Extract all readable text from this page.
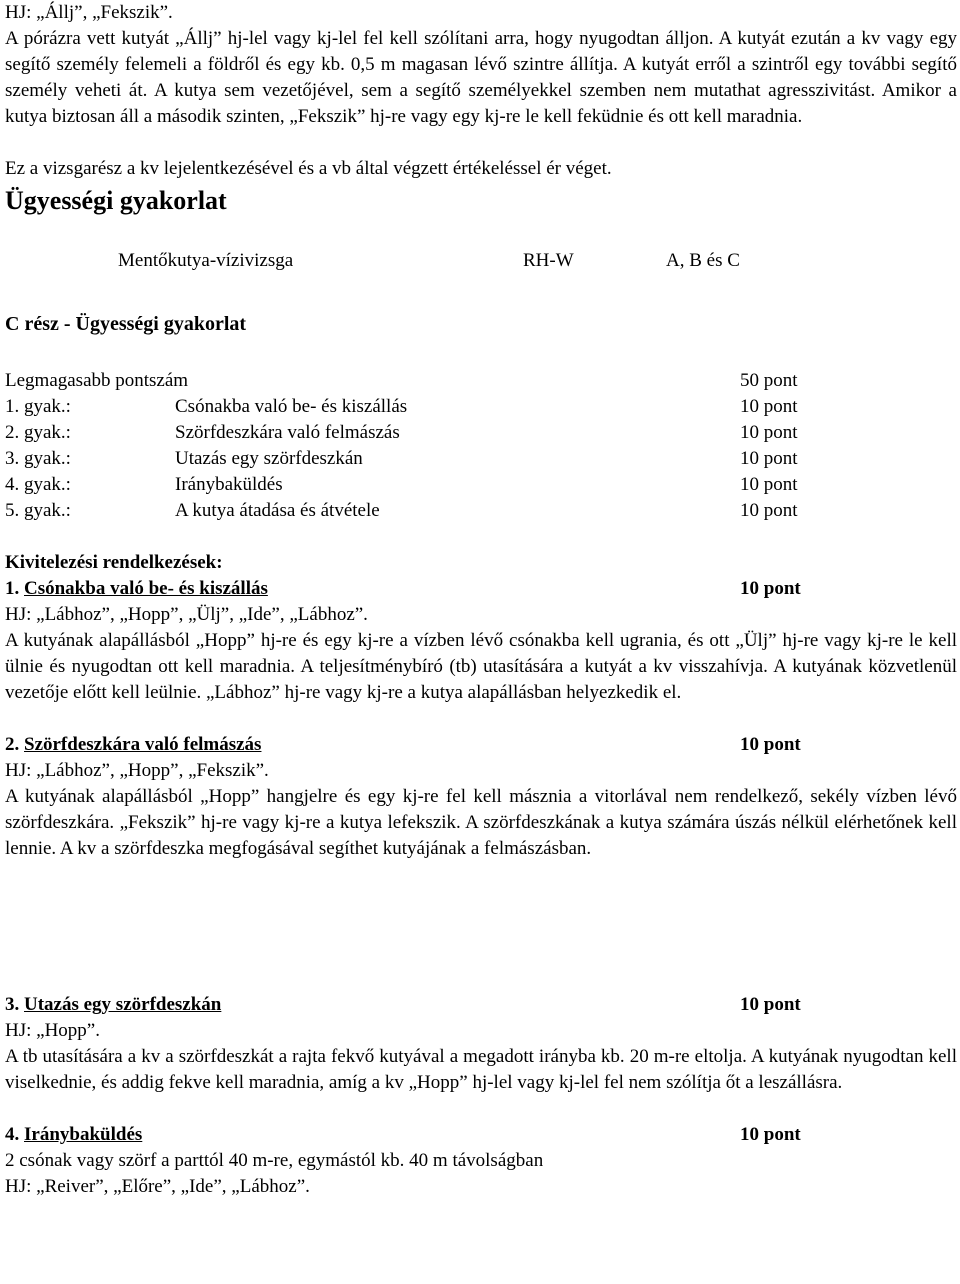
HJ: „Állj”, „Fekszik”.

A pórázra vett kutyát „Állj” hj-lel vagy kj-lel fel kell szólítani arra, hogy nyugodtan álljon. A kutyát ezután a kv vagy egy segítő személy felemeli a földről és egy kb. 0,5 m magasan lévő szintre állítja. A kutyát erről a szintről egy további segítő személy veheti át. A kutya sem vezetőjével, sem a segítő személyekkel szemben nem mutathat agresszivitást. Amikor a kutya biztosan áll a második szinten, „Fekszik” hj-re vagy egy kj-re le kell feküdnie és ott kell maradnia.

Ez a vizsgarész a kv lejelentkezésével és a vb által végzett értékeléssel ér véget.

Ügyességi gyakorlat

Mentőkutya-vízivizsga	RH-W	A, B és C

C rész - Ügyességi gyakorlat

Legmagasabb pontszám	50 pont
1. gyak.:	Csónakba való be- és kiszállás	10 pont
2. gyak.:	Szörfdeszkára való felmászás	10 pont
3. gyak.:	Utazás egy szörfdeszkán	10 pont
4. gyak.:	Iránybaküldés	10 pont
5. gyak.:	A kutya átadása és átvétele	10 pont

Kivitelezési rendelkezések:

1. Csónakba való be- és kiszállás	10 pont

HJ: „Lábhoz”, „Hopp”, „Ülj”, „Ide”, „Lábhoz”.

A kutyának alapállásból „Hopp” hj-re és egy kj-re a vízben lévő csónakba kell ugrania, és ott „Ülj” hj-re vagy kj-re le kell ülnie és nyugodtan ott kell maradnia. A teljesítménybíró (tb) utasítására a kutyát a kv visszahívja. A kutyának közvetlenül vezetője előtt kell leülnie. „Lábhoz” hj-re vagy kj-re a kutya alapállásban helyezkedik el.

2. Szörfdeszkára való felmászás	10 pont

HJ: „Lábhoz”, „Hopp”, „Fekszik”.

A kutyának alapállásból „Hopp” hangjelre és egy kj-re fel kell másznia a vitorlával nem rendelkező, sekély vízben lévő szörfdeszkára. „Fekszik” hj-re vagy kj-re a kutya lefekszik. A szörfdeszkának a kutya számára úszás nélkül elérhetőnek kell lennie. A kv a szörfdeszka megfogásával segíthet kutyájának a felmászásban.

3. Utazás egy szörfdeszkán	10 pont

HJ: „Hopp”.

A tb utasítására a kv a szörfdeszkát a rajta fekvő kutyával a megadott irányba kb. 20 m-re eltolja. A kutyának nyugodtan kell viselkednie, és addig fekve kell maradnia, amíg a kv „Hopp” hj-lel vagy kj-lel fel nem szólítja őt a leszállásra.

4. Iránybaküldés	10 pont

2 csónak vagy szörf a parttól 40 m-re, egymástól kb. 40 m távolságban

HJ: „Reiver”, „Előre”, „Ide”, „Lábhoz”.
